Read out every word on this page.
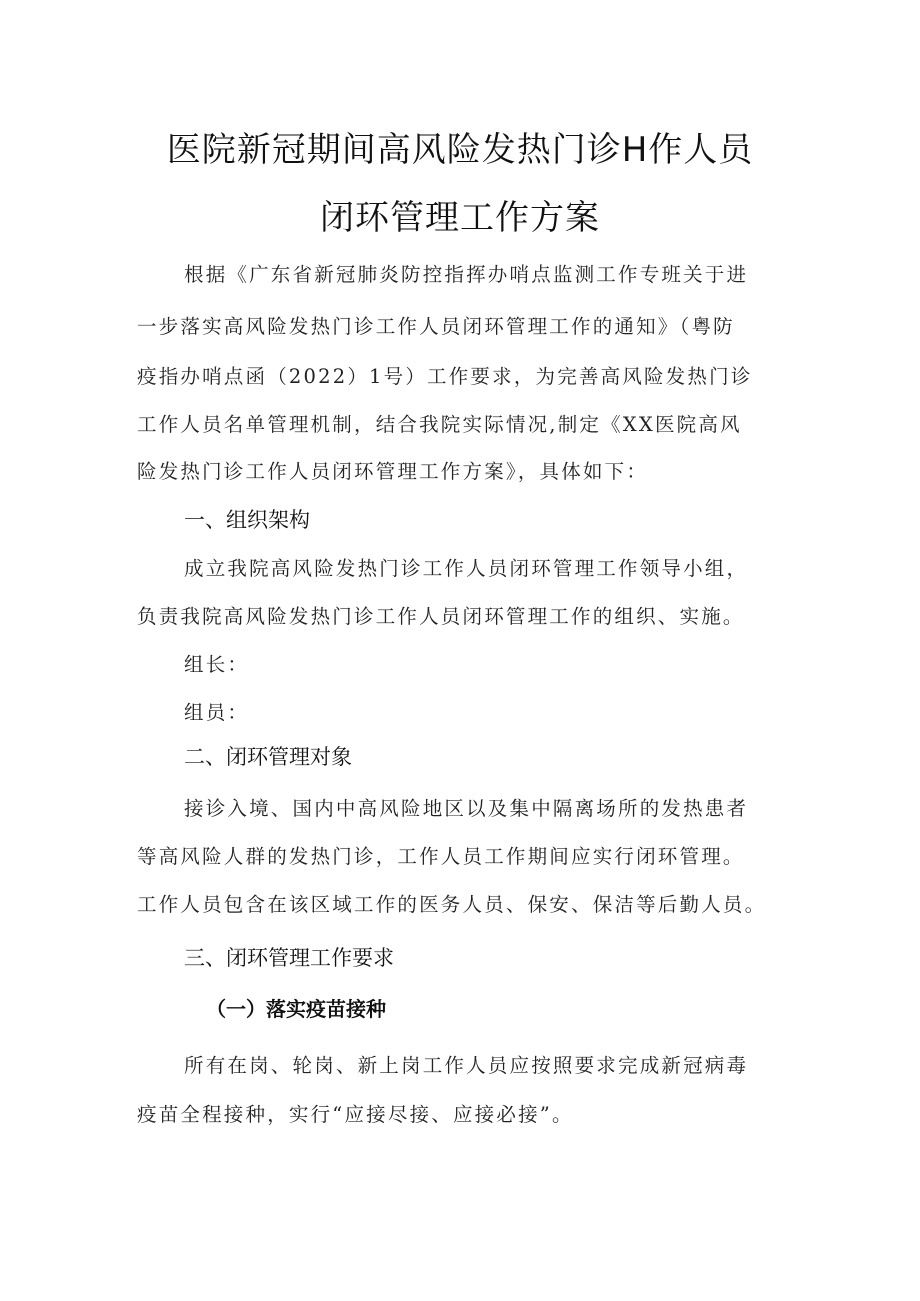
医院新冠期间高风险发热门诊H作人员
闭环管理工作方案
根据《广东省新冠肺炎防控指挥办哨点监测工作专班关于进
一步落实高风险发热门诊工作人员闭环管理工作的通知》（粤防
疫指办哨点函（2022）1号）工作要求，为完善高风险发热门诊
工作人员名单管理机制，结合我院实际情况,制定《XX医院高风
险发热门诊工作人员闭环管理工作方案》，具体如下：
一、组织架构
成立我院高风险发热门诊工作人员闭环管理工作领导小组，
负责我院高风险发热门诊工作人员闭环管理工作的组织、实施。
组长：
组员：
二、闭环管理对象
接诊入境、国内中高风险地区以及集中隔离场所的发热患者
等高风险人群的发热门诊，工作人员工作期间应实行闭环管理。
工作人员包含在该区域工作的医务人员、保安、保洁等后勤人员。
三、闭环管理工作要求
（一）落实疫苗接种
所有在岗、轮岗、新上岗工作人员应按照要求完成新冠病毒
疫苗全程接种，实行“应接尽接、应接必接”。
